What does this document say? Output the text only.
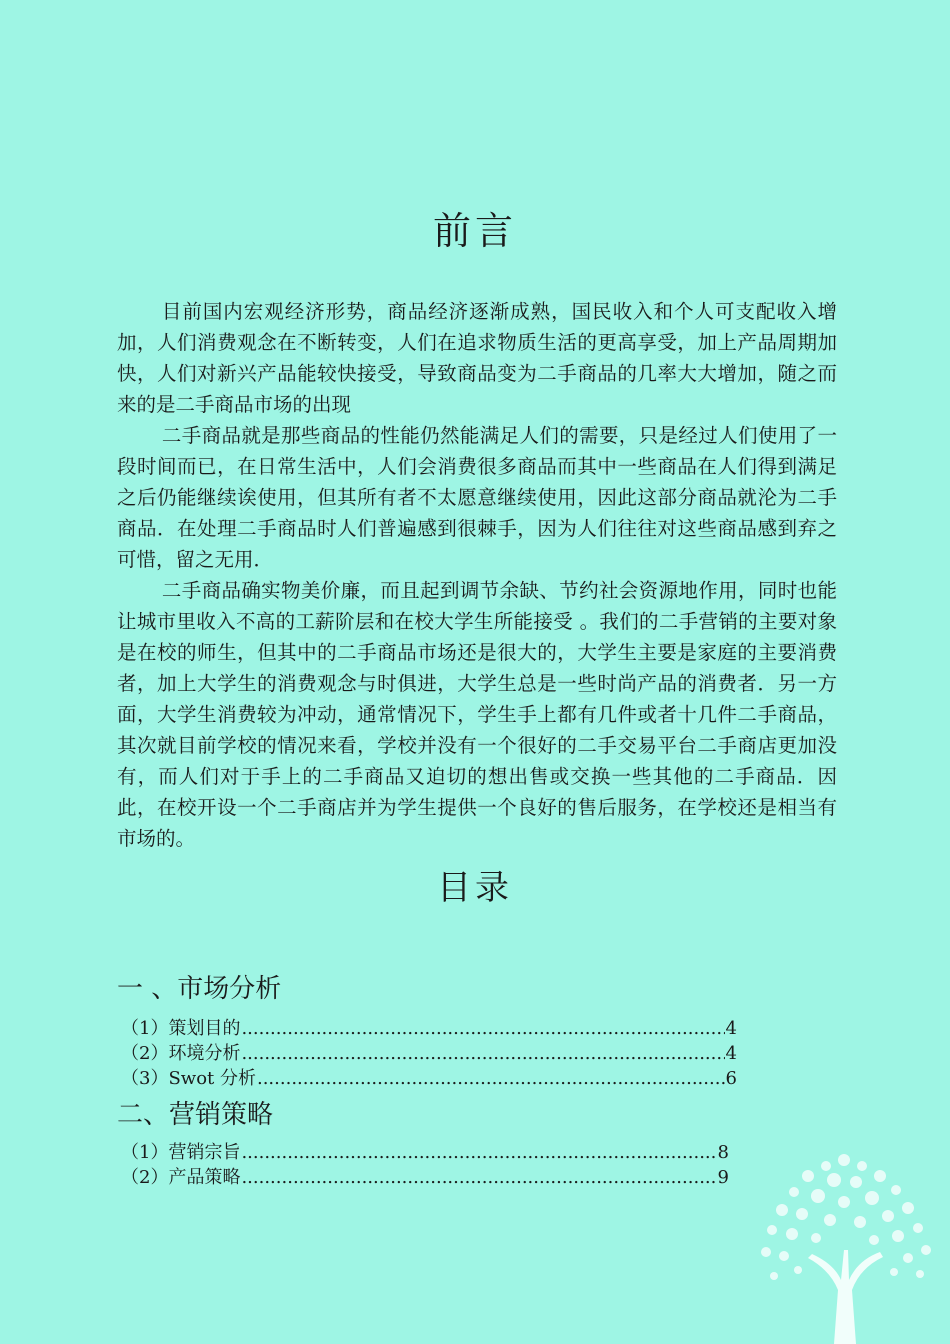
前言

目前国内宏观经济形势，商品经济逐渐成熟，国民收入和个人可支配收入增加，人们消费观念在不断转变，人们在追求物质生活的更高享受，加上产品周期加快，人们对新兴产品能较快接受，导致商品变为二手商品的几率大大增加，随之而来的是二手商品市场的出现

二手商品就是那些商品的性能仍然能满足人们的需要，只是经过人们使用了一段时间而已，在日常生活中，人们会消费很多商品而其中一些商品在人们得到满足之后仍能继续诶使用，但其所有者不太愿意继续使用，因此这部分商品就沦为二手商品．在处理二手商品时人们普遍感到很棘手，因为人们往往对这些商品感到弃之可惜，留之无用．

二手商品确实物美价廉，而且起到调节余缺、节约社会资源地作用，同时也能让城市里收入不高的工薪阶层和在校大学生所能接受 。我们的二手营销的主要对象是在校的师生，但其中的二手商品市场还是很大的，大学生主要是家庭的主要消费者，加上大学生的消费观念与时俱进，大学生总是一些时尚产品的消费者．另一方面，大学生消费较为冲动，通常情况下，学生手上都有几件或者十几件二手商品，其次就目前学校的情况来看，学校并没有一个很好的二手交易平台二手商店更加没有，而人们对于手上的二手商品又迫切的想出售或交换一些其他的二手商品．因此，在校开设一个二手商店并为学生提供一个良好的售后服务，在学校还是相当有市场的。

目录
一 、市场分析
（1）策划目的 .....	4
（2）环境分析 .....	4
（3）Swot 分析 .....	6
二、营销策略
（1）营销宗旨 .....	8
（2）产品策略 .....	9
